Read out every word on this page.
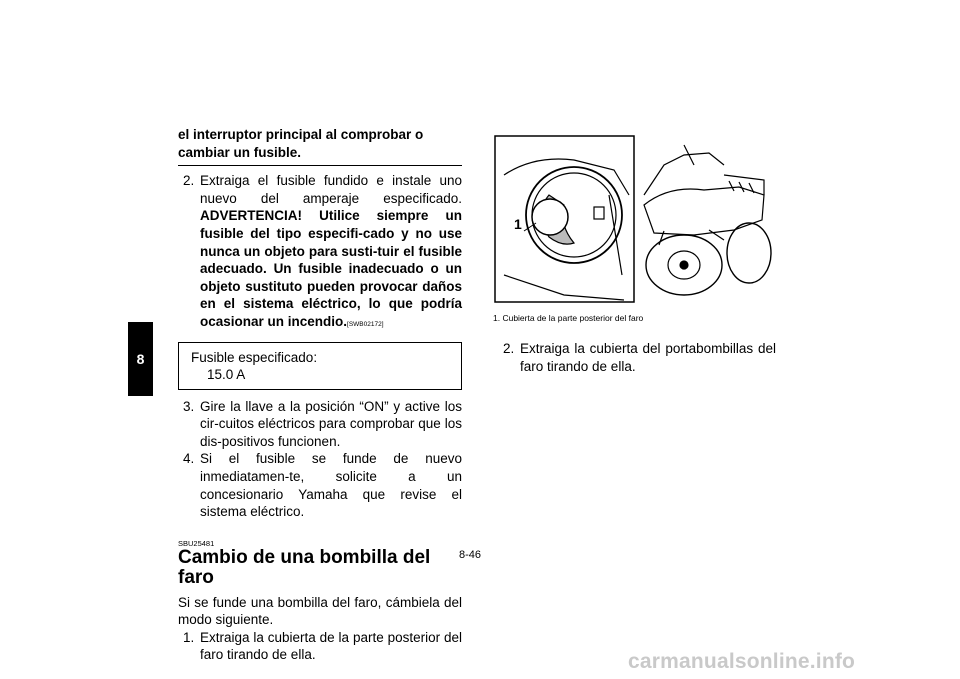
8

el interruptor principal al comprobar o cambiar un fusible.

2. Extraiga el fusible fundido e instale uno nuevo del amperaje especificado. ADVERTENCIA! Utilice siempre un fusible del tipo especifi-cado y no use nunca un objeto para susti-tuir el fusible adecuado. Un fusible inadecuado o un objeto sustituto pueden provocar daños en el sistema eléctrico, lo que podría ocasionar un incendio.[SWB02172]

Fusible especificado:
15.0 A

3. Gire la llave a la posición “ON” y active los cir-cuitos eléctricos para comprobar que los dis-positivos funcionen.

4. Si el fusible se funde de nuevo inmediatamen-te, solicite a un concesionario Yamaha que revise el sistema eléctrico.

SBU25481
Cambio de una bombilla del faro

Si se funde una bombilla del faro, cámbiela del modo siguiente.

1. Extraiga la cubierta de la parte posterior del faro tirando de ella.

1
1. Cubierta de la parte posterior del faro

2. Extraiga la cubierta del portabombillas del faro tirando de ella.

8-46
carmanualsonline.info
